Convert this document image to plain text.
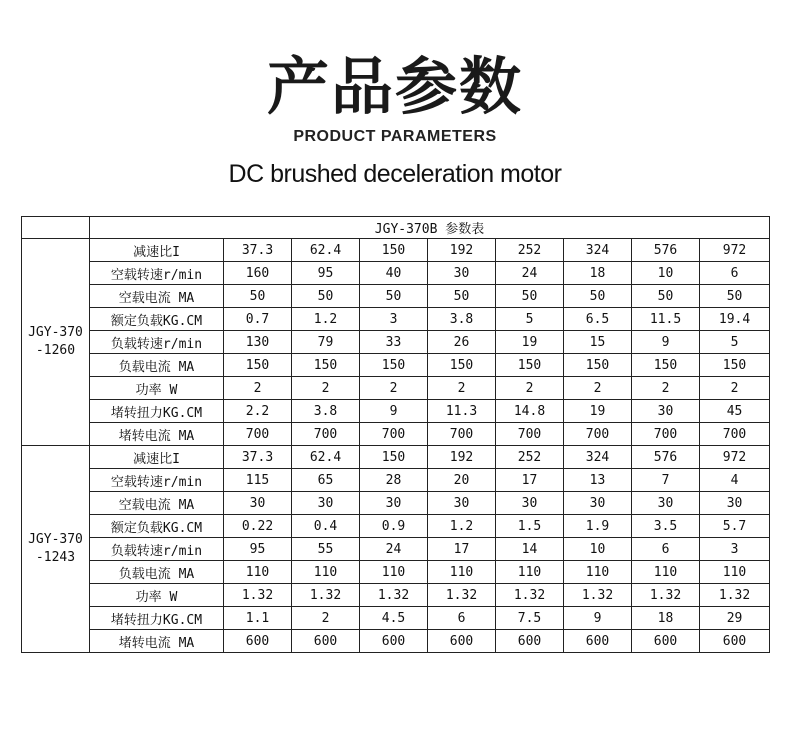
产品参数
PRODUCT PARAMETERS
DC brushed deceleration motor
	JGY-370B 参数表								

JGY-370
-1260	减速比I	37.3	62.4	150	192	252	324	576	972
	空载转速r/min	160	95	40	30	24	18	10	6
	空载电流 MA	50	50	50	50	50	50	50	50
	额定负载KG.CM	0.7	1.2	3	3.8	5	6.5	11.5	19.4
	负载转速r/min	130	79	33	26	19	15	9	5
	负载电流 MA	150	150	150	150	150	150	150	150
	功率 W	2	2	2	2	2	2	2	2
	堵转扭力KG.CM	2.2	3.8	9	11.3	14.8	19	30	45
	堵转电流 MA	700	700	700	700	700	700	700	700

JGY-370
-1243	减速比I	37.3	62.4	150	192	252	324	576	972
	空载转速r/min	115	65	28	20	17	13	7	4
	空载电流 MA	30	30	30	30	30	30	30	30
	额定负载KG.CM	0.22	0.4	0.9	1.2	1.5	1.9	3.5	5.7
	负载转速r/min	95	55	24	17	14	10	6	3
	负载电流 MA	110	110	110	110	110	110	110	110
	功率 W	1.32	1.32	1.32	1.32	1.32	1.32	1.32	1.32
	堵转扭力KG.CM	1.1	2	4.5	6	7.5	9	18	29
	堵转电流 MA	600	600	600	600	600	600	600	600
